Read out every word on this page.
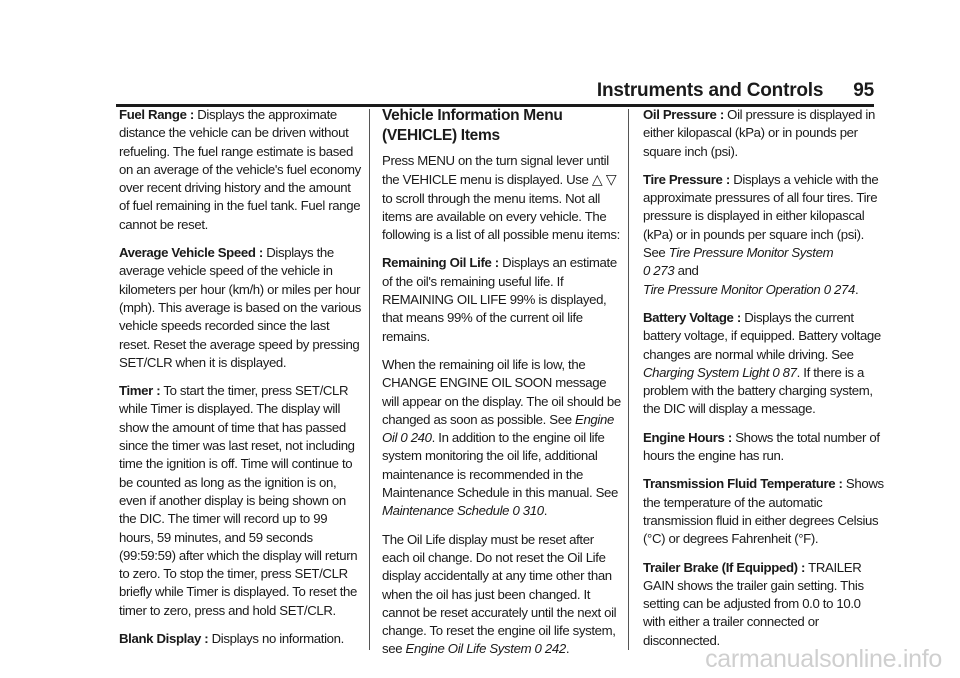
Instruments and Controls 95

Fuel Range : Displays the approximate distance the vehicle can be driven without refueling. The fuel range estimate is based on an average of the vehicle's fuel economy over recent driving history and the amount of fuel remaining in the fuel tank. Fuel range cannot be reset.

Average Vehicle Speed : Displays the average vehicle speed of the vehicle in kilometers per hour (km/h) or miles per hour (mph). This average is based on the various vehicle speeds recorded since the last reset. Reset the average speed by pressing SET/CLR when it is displayed.

Timer : To start the timer, press SET/CLR while Timer is displayed. The display will show the amount of time that has passed since the timer was last reset, not including time the ignition is off. Time will continue to be counted as long as the ignition is on, even if another display is being shown on the DIC. The timer will record up to 99 hours, 59 minutes, and 59 seconds (99:59:59) after which the display will return to zero. To stop the timer, press SET/CLR briefly while Timer is displayed. To reset the timer to zero, press and hold SET/CLR.

Blank Display : Displays no information.

Vehicle Information Menu (VEHICLE) Items

Press MENU on the turn signal lever until the VEHICLE menu is displayed. Use △ ▽ to scroll through the menu items. Not all items are available on every vehicle. The following is a list of all possible menu items:

Remaining Oil Life : Displays an estimate of the oil's remaining useful life. If REMAINING OIL LIFE 99% is displayed, that means 99% of the current oil life remains.

When the remaining oil life is low, the CHANGE ENGINE OIL SOON message will appear on the display. The oil should be changed as soon as possible. See Engine Oil 0 240. In addition to the engine oil life system monitoring the oil life, additional maintenance is recommended in the Maintenance Schedule in this manual. See Maintenance Schedule 0 310.

The Oil Life display must be reset after each oil change. Do not reset the Oil Life display accidentally at any time other than when the oil has just been changed. It cannot be reset accurately until the next oil change. To reset the engine oil life system, see Engine Oil Life System 0 242.

Oil Pressure : Oil pressure is displayed in either kilopascal (kPa) or in pounds per square inch (psi).

Tire Pressure : Displays a vehicle with the approximate pressures of all four tires. Tire pressure is displayed in either kilopascal (kPa) or in pounds per square inch (psi). See Tire Pressure Monitor System
0 273 and
Tire Pressure Monitor Operation 0 274.

Battery Voltage : Displays the current battery voltage, if equipped. Battery voltage changes are normal while driving. See Charging System Light 0 87. If there is a problem with the battery charging system, the DIC will display a message.

Engine Hours : Shows the total number of hours the engine has run.

Transmission Fluid Temperature : Shows the temperature of the automatic transmission fluid in either degrees Celsius (°C) or degrees Fahrenheit (°F).

Trailer Brake (If Equipped) : TRAILER GAIN shows the trailer gain setting. This setting can be adjusted from 0.0 to 10.0 with either a trailer connected or disconnected.

carmanualsonline.info
